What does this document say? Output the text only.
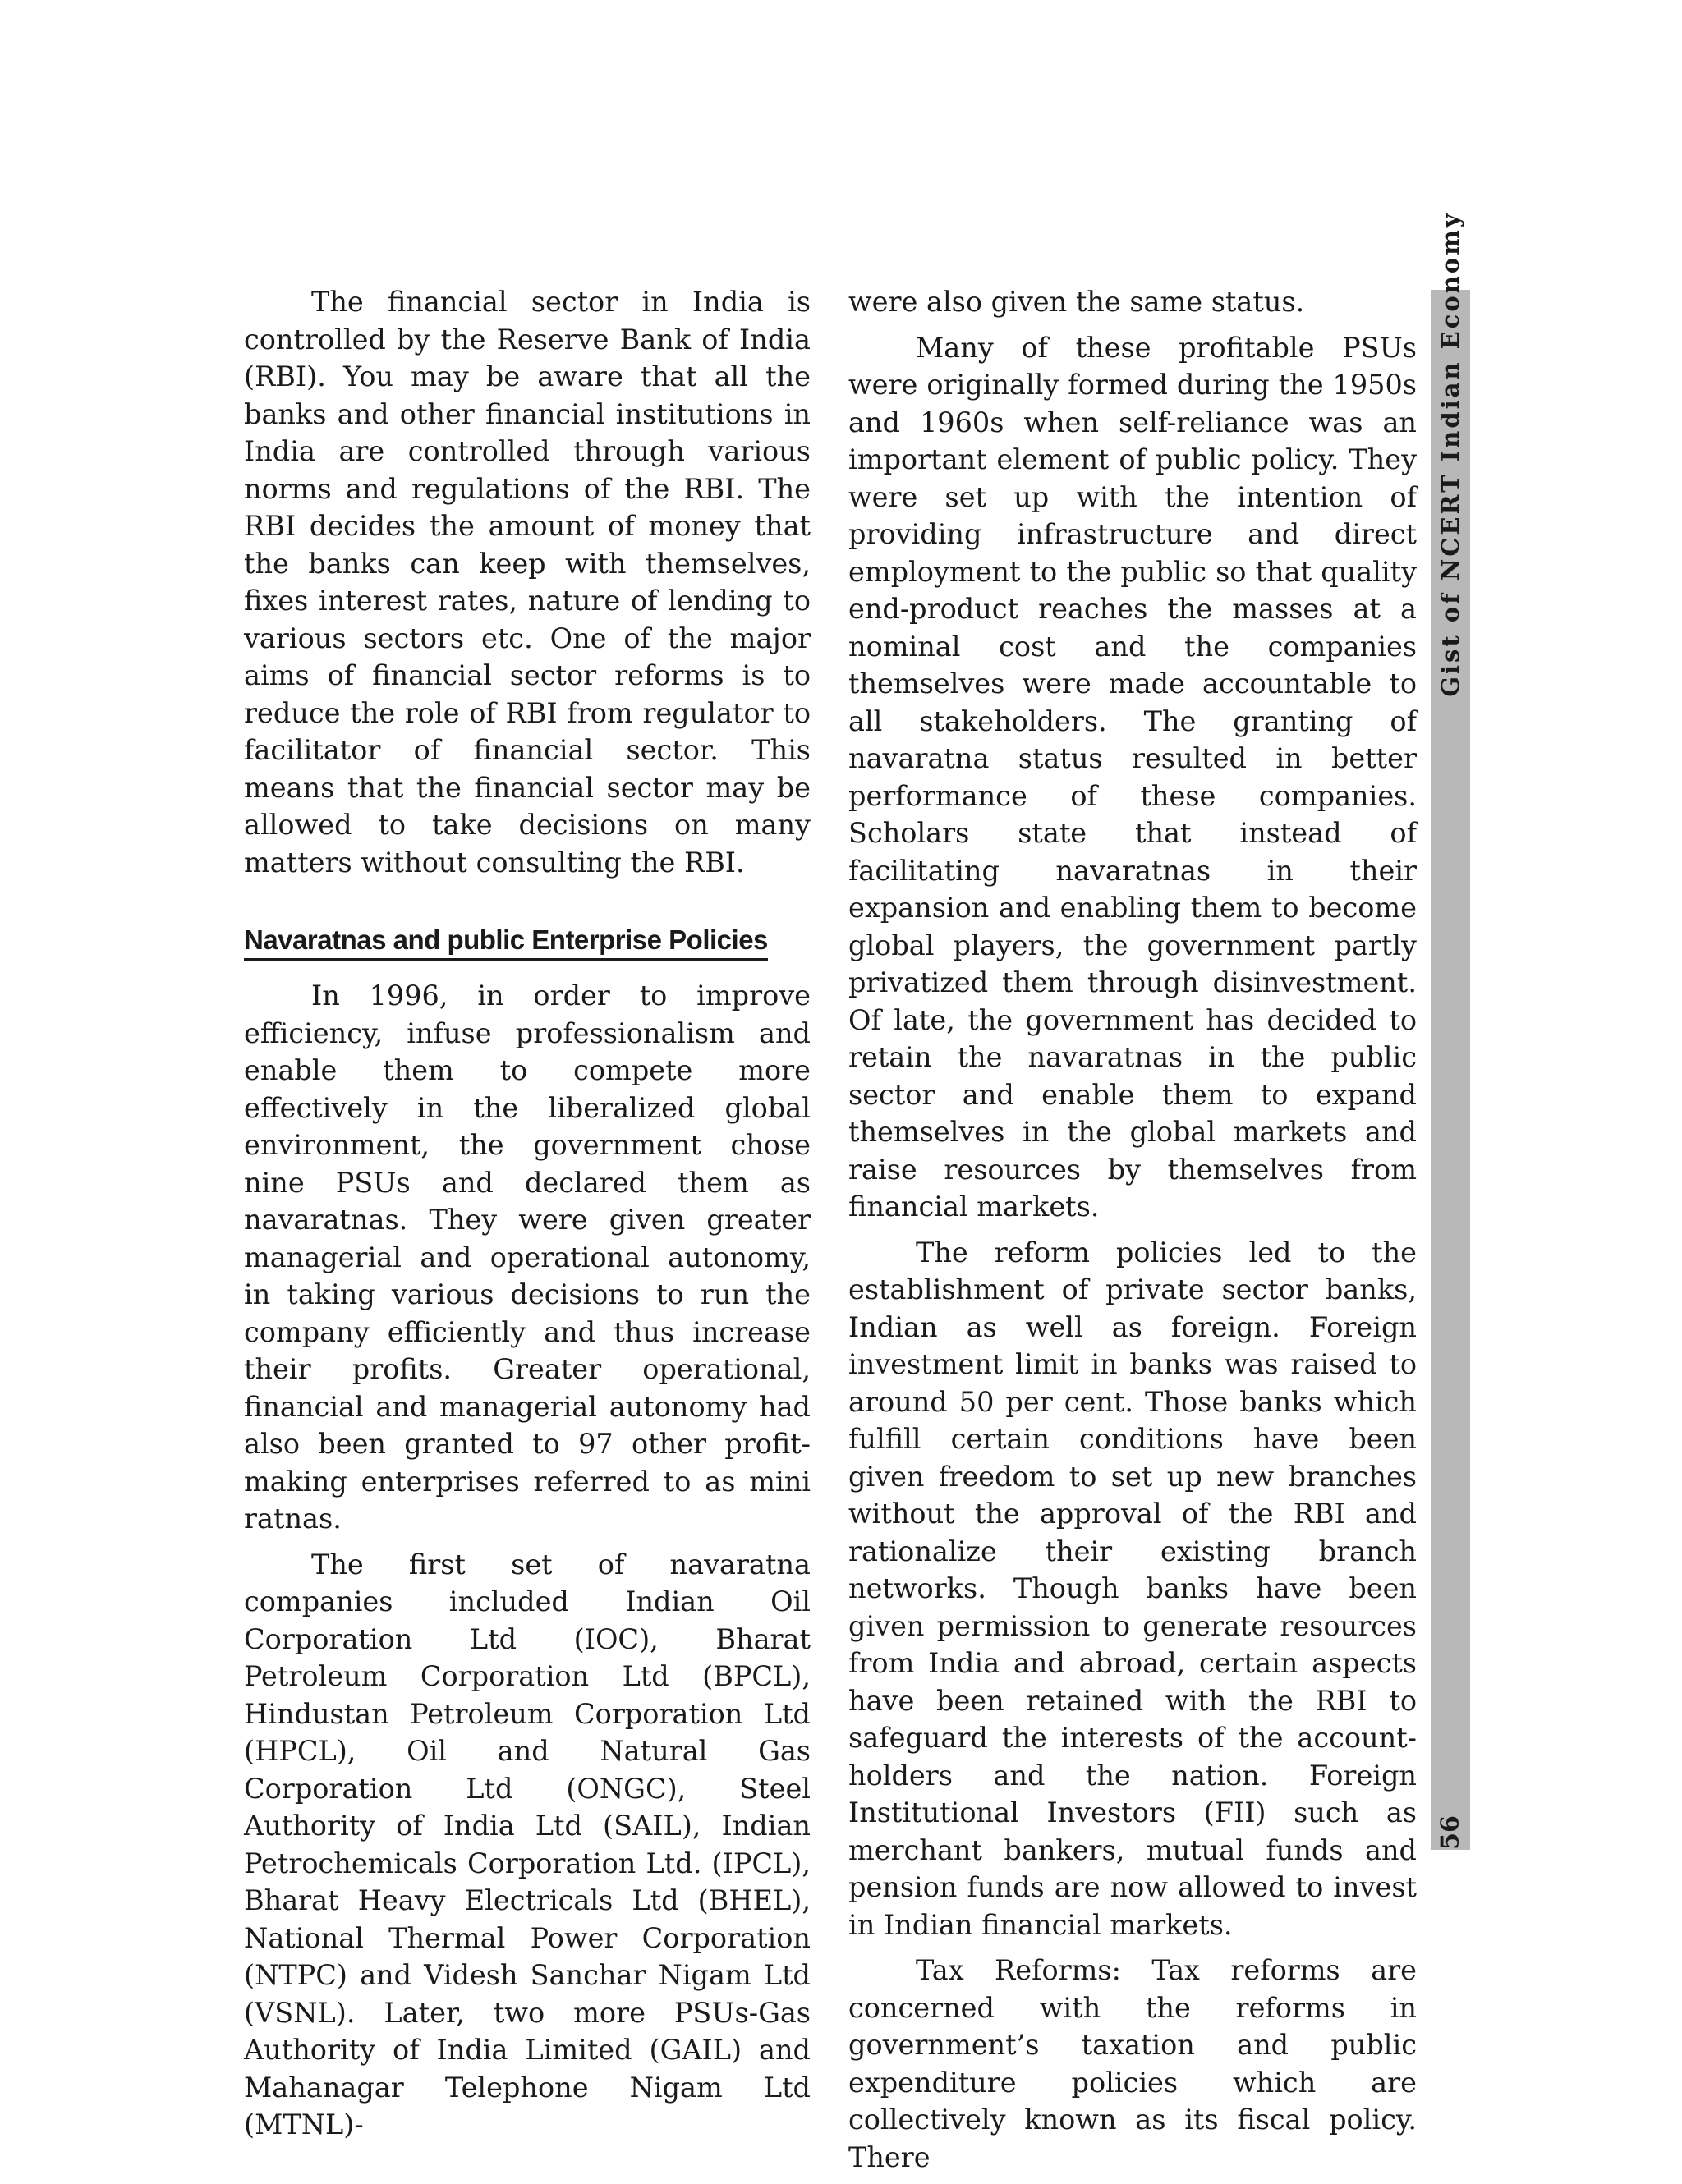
The financial sector in India is controlled by the Reserve Bank of India (RBI). You may be aware that all the banks and other financial institutions in India are controlled through various norms and regulations of the RBI. The RBI decides the amount of money that the banks can keep with themselves, fixes interest rates, nature of lending to various sectors etc. One of the major aims of financial sector reforms is to reduce the role of RBI from regulator to facilitator of financial sector. This means that the financial sector may be allowed to take decisions on many matters without consulting the RBI.

Navaratnas and public Enterprise Policies

In 1996, in order to improve efficiency, infuse professionalism and enable them to compete more effectively in the liberalized global environment, the government chose nine PSUs and declared them as navaratnas. They were given greater managerial and operational autonomy, in taking various decisions to run the company efficiently and thus increase their profits. Greater operational, financial and managerial autonomy had also been granted to 97 other profit-making enterprises referred to as mini ratnas.

The first set of navaratna companies included Indian Oil Corporation Ltd (IOC), Bharat Petroleum Corporation Ltd (BPCL), Hindustan Petroleum Corporation Ltd (HPCL), Oil and Natural Gas Corporation Ltd (ONGC), Steel Authority of India Ltd (SAIL), Indian Petrochemicals Corporation Ltd. (IPCL), Bharat Heavy Electricals Ltd (BHEL), National Thermal Power Corporation (NTPC) and Videsh Sanchar Nigam Ltd (VSNL). Later, two more PSUs-Gas Authority of India Limited (GAIL) and Mahanagar Telephone Nigam Ltd (MTNL)-

were also given the same status.

Many of these profitable PSUs were originally formed during the 1950s and 1960s when self-reliance was an important element of public policy. They were set up with the intention of providing infrastructure and direct employment to the public so that quality end-product reaches the masses at a nominal cost and the companies themselves were made accountable to all stakeholders. The granting of navaratna status resulted in better performance of these companies. Scholars state that instead of facilitating navaratnas in their expansion and enabling them to become global players, the government partly privatized them through disinvestment. Of late, the government has decided to retain the navaratnas in the public sector and enable them to expand themselves in the global markets and raise resources by themselves from financial markets.

The reform policies led to the establishment of private sector banks, Indian as well as foreign. Foreign investment limit in banks was raised to around 50 per cent. Those banks which fulfill certain conditions have been given freedom to set up new branches without the approval of the RBI and rationalize their existing branch networks. Though banks have been given permission to generate resources from India and abroad, certain aspects have been retained with the RBI to safeguard the interests of the account-holders and the nation. Foreign Institutional Investors (FII) such as merchant bankers, mutual funds and pension funds are now allowed to invest in Indian financial markets.

Tax Reforms: Tax reforms are concerned with the reforms in government’s taxation and public expenditure policies which are collectively known as its fiscal policy. There

Gist of NCERT Indian Economy
56
